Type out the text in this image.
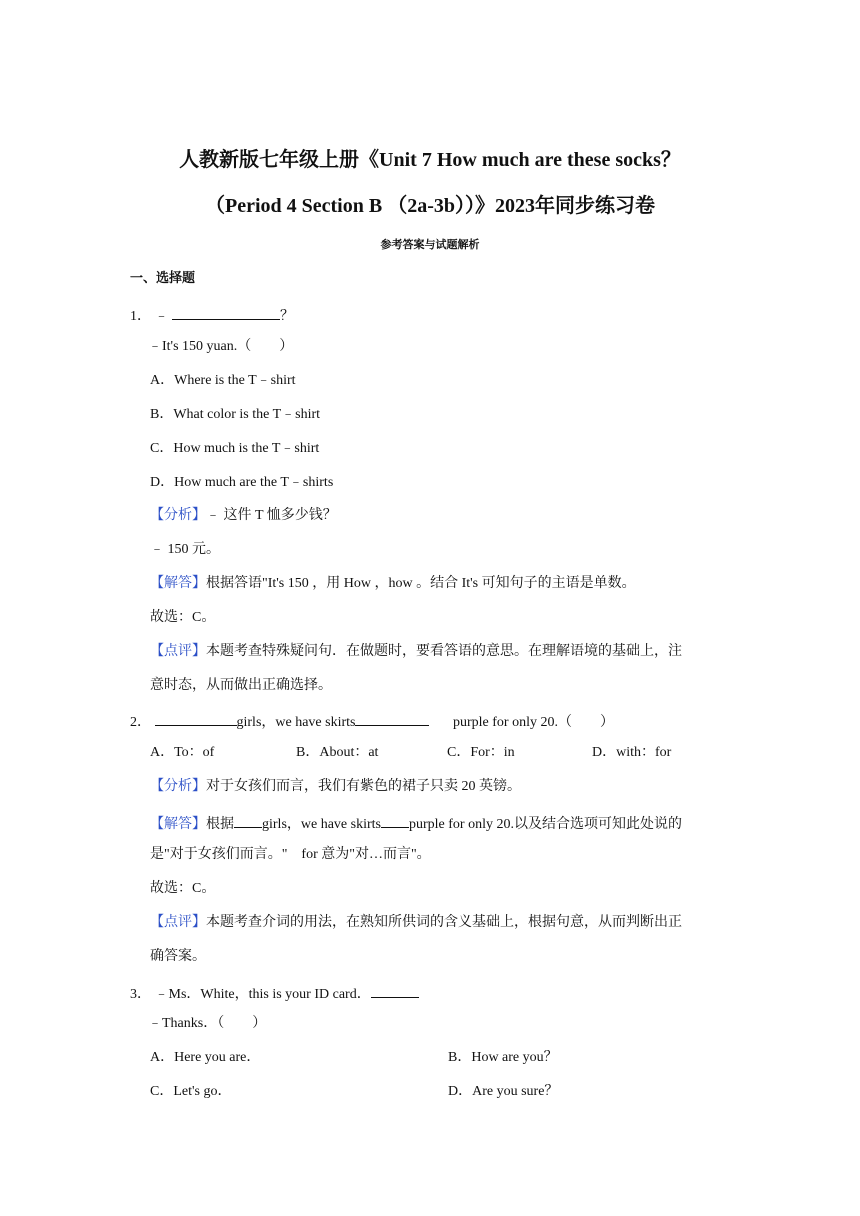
人教新版七年级上册《Unit 7 How much are these socks？
（Period 4 Section B （2a-3b））》2023年同步练习卷
参考答案与试题解析
一、选择题
1． ﹣	？
﹣It's 150 yuan.（　　）
A．Where is the T﹣shirt
B．What color is the T﹣shirt
C．How much is the T﹣shirt
D．How much are the T﹣shirts
【分析】﹣ 这件 T 恤多少钱？
﹣ 150 元。
【解答】根据答语"It's 150 ，用 How ，how 。结合 It's 可知句子的主语是单数。
故选：C。
【点评】本题考查特殊疑问句．在做题时，要看答语的意思。在理解语境的基础上，注
意时态，从而做出正确选择。
2．	girls，we have skirts	purple for only 20.（　　）
A．To：of	B．About：at	C．For：in	D．with：for
【分析】对于女孩们而言，我们有紫色的裙子只卖 20 英镑。
【解答】根据 girls，we have skirts purple for only 20.以及结合选项可知此处说的
是"对于女孩们而言。"　for 意为"对…而言"。
故选：C。
【点评】本题考查介词的用法，在熟知所供词的含义基础上，根据句意，从而判断出正
确答案。
3． ﹣Ms．White，this is your ID card．
﹣Thanks．（　　）
A．Here you are．	B．How are you？
C．Let's go．	D．Are you sure？
